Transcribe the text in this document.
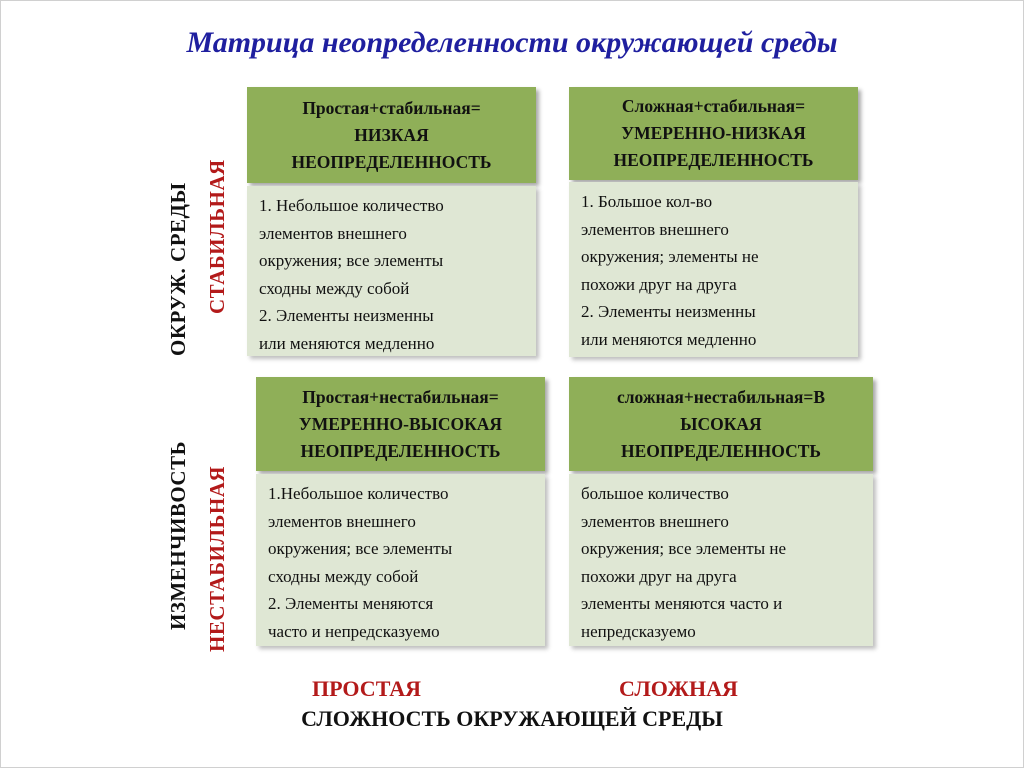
Матрица неопределенности окружающей среды
ОКРУЖ. СРЕДЫ СТАБИЛЬНАЯ
ИЗМЕНЧИВОСТЬ НЕСТАБИЛЬНАЯ
Простая+стабильная=
НИЗКАЯ
НЕОПРЕДЕЛЕННОСТЬ
1. Небольшое количество
элементов внешнего
окружения; все элементы
сходны между собой
2. Элементы неизменны
или меняются медленно
Сложная+стабильная=
УМЕРЕННО-НИЗКАЯ
НЕОПРЕДЕЛЕННОСТЬ
1. Большое кол-во
элементов внешнего
окружения; элементы не
похожи друг на друга
2. Элементы неизменны
или меняются медленно
Простая+нестабильная=
УМЕРЕННО-ВЫСОКАЯ
НЕОПРЕДЕЛЕННОСТЬ
1.Небольшое количество
элементов внешнего
окружения; все элементы
сходны между собой
2. Элементы меняются
часто и непредсказуемо
сложная+нестабильная=В
ЫСОКАЯ
НЕОПРЕДЕЛЕННОСТЬ
большое количество
элементов внешнего
окружения; все элементы не
похожи друг на друга
элементы меняются часто и
непредсказуемо
ПРОСТАЯ	СЛОЖНАЯ
СЛОЖНОСТЬ ОКРУЖАЮЩЕЙ СРЕДЫ
